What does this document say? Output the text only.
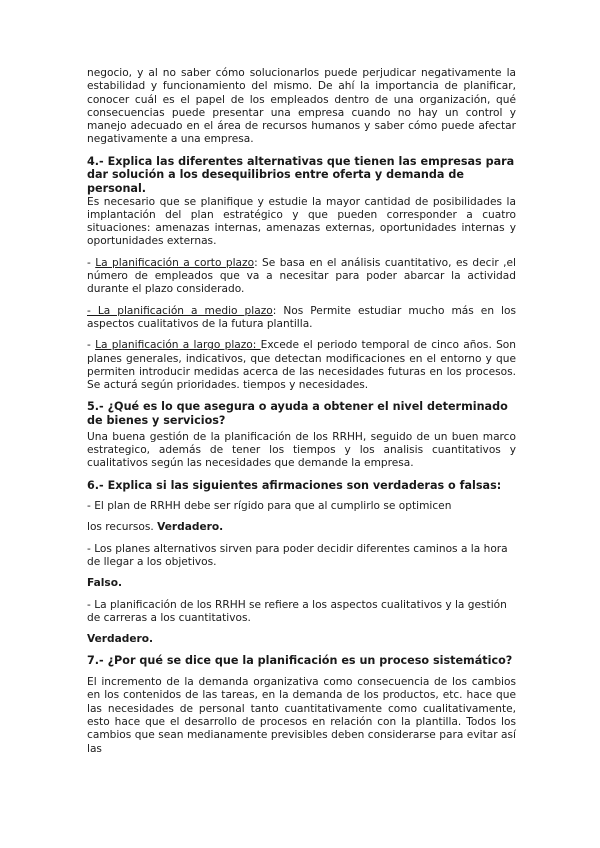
negocio, y al no saber cómo solucionarlos puede perjudicar negativamente la estabilidad y funcionamiento del mismo. De ahí la importancia de planificar, conocer cuál es el papel de los empleados dentro de una organización, qué consecuencias puede presentar una empresa cuando no hay un control y manejo adecuado en el área de recursos humanos y saber cómo puede afectar negativamente a una empresa.

4.- Explica las diferentes alternativas que tienen las empresas para dar solución a los desequilibrios entre oferta y demanda de personal.

Es necesario que se planifique y estudie la mayor cantidad de posibilidades la implantación del plan estratégico y que pueden corresponder a cuatro situaciones: amenazas internas, amenazas externas, oportunidades internas y oportunidades externas.

- La planificación a corto plazo: Se basa en el análisis cuantitativo, es decir ,el número de empleados que va a necesitar para poder abarcar la actividad durante el plazo considerado.

- La planificación a medio plazo: Nos Permite estudiar mucho más en los aspectos cualitativos de la futura plantilla.

- La planificación a largo plazo: Excede el periodo temporal de cinco años. Son planes generales, indicativos, que detectan modificaciones en el entorno y que permiten introducir medidas acerca de las necesidades futuras en los procesos. Se acturá según prioridades. tiempos y necesidades.

5.- ¿Qué es lo que asegura o ayuda a obtener el nivel determinado de bienes y servicios?

Una buena gestión de la planificación de los RRHH, seguido de un buen marco estrategico, además de tener los tiempos y los analisis cuantitativos y cualitativos según las necesidades que demande la empresa.

6.- Explica si las siguientes afirmaciones son verdaderas o falsas:

- El plan de RRHH debe ser rígido para que al cumplirlo se optimicen

los recursos. Verdadero.

- Los planes alternativos sirven para poder decidir diferentes caminos a la hora de llegar a los objetivos.

Falso.

- La planificación de los RRHH se refiere a los aspectos cualitativos y la gestión de carreras a los cuantitativos.

Verdadero.

7.- ¿Por qué se dice que la planificación es un proceso sistemático?

El incremento de la demanda organizativa como consecuencia de los cambios en los contenidos de las tareas, en la demanda de los productos, etc. hace que las necesidades de personal tanto cuantitativamente como cualitativamente, esto hace que el desarrollo de procesos en relación con la plantilla. Todos los cambios que sean medianamente previsibles deben considerarse para evitar así las
